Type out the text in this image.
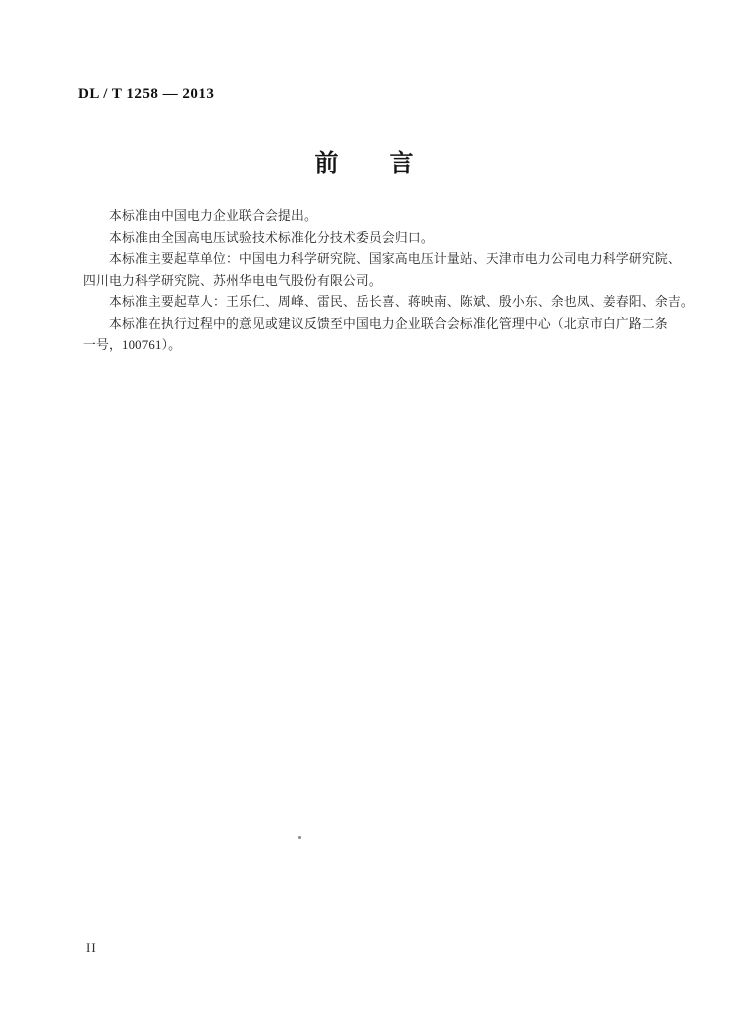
DL / T 1258 — 2013
前　　言
本标准由中国电力企业联合会提出。
本标准由全国高电压试验技术标准化分技术委员会归口。
本标准主要起草单位：中国电力科学研究院、国家高电压计量站、天津市电力公司电力科学研究院、
四川电力科学研究院、苏州华电电气股份有限公司。
本标准主要起草人：王乐仁、周峰、雷民、岳长喜、蒋映南、陈斌、殷小东、余也凤、姜春阳、余吉。
本标准在执行过程中的意见或建议反馈至中国电力企业联合会标准化管理中心（北京市白广路二条
一号，100761）。
II
